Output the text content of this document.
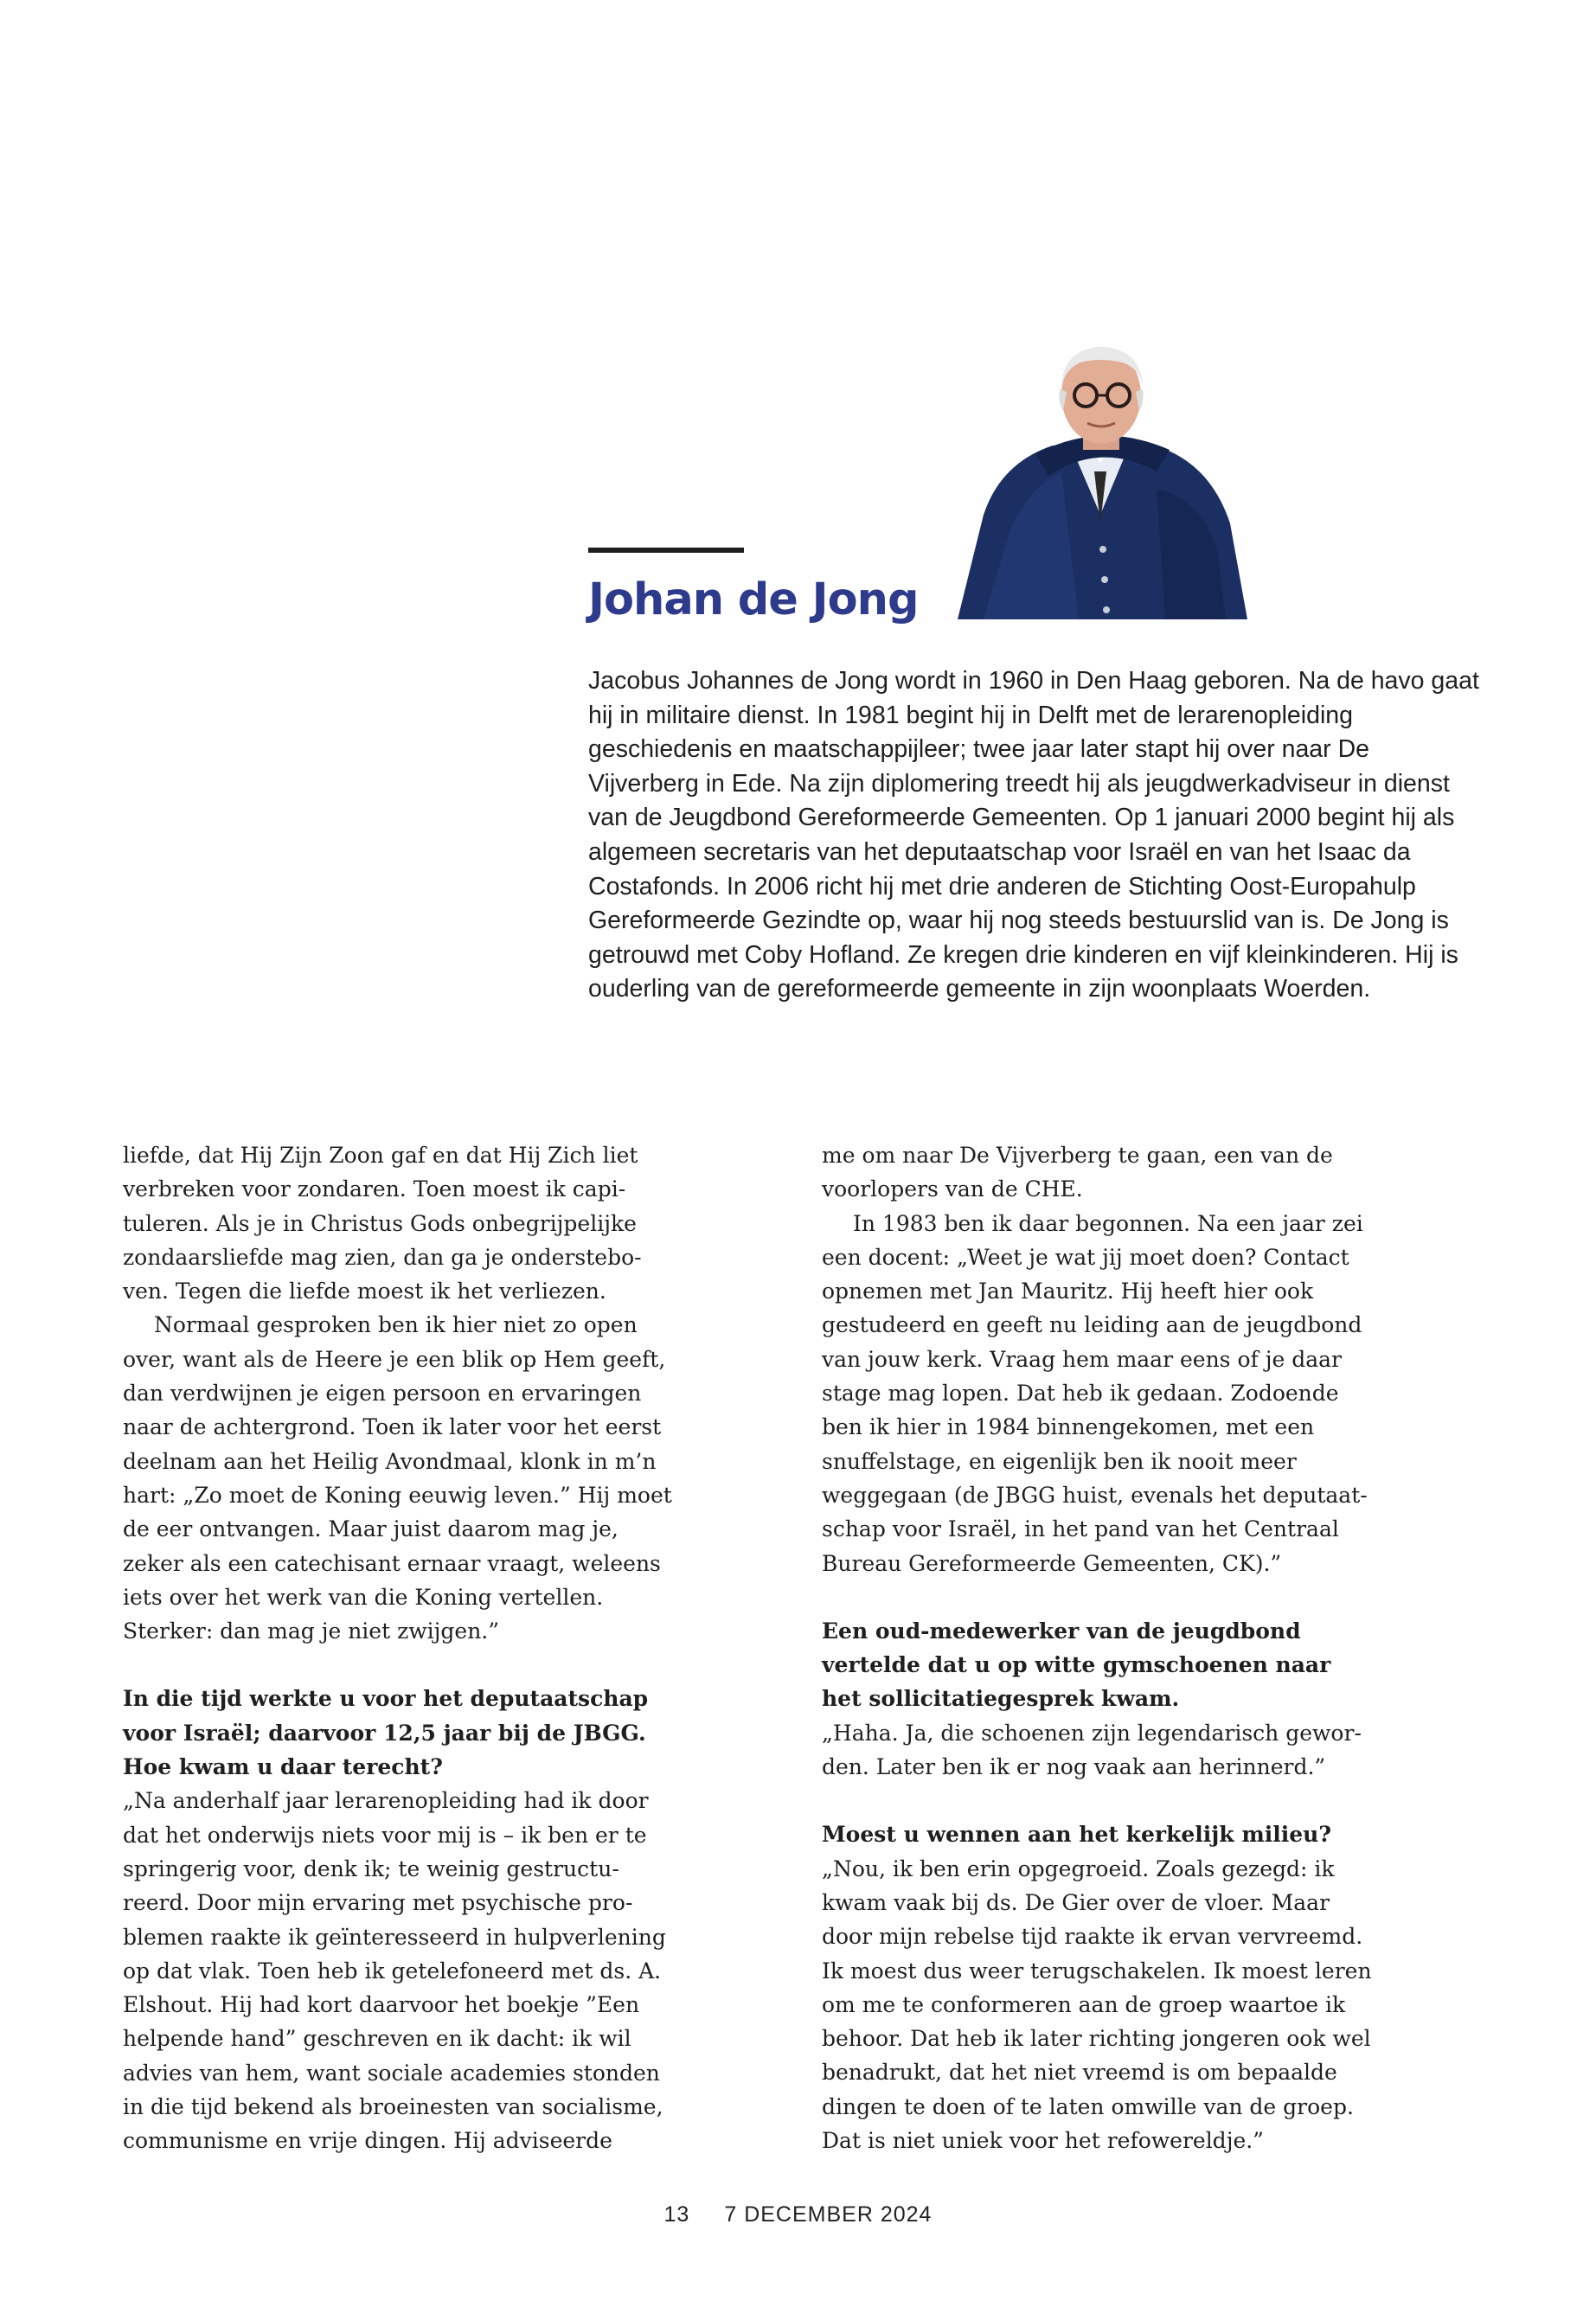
Johan de Jong

Jacobus Johannes de Jong wordt in 1960 in Den Haag geboren. Na de havo gaat hij in militaire dienst. In 1981 begint hij in Delft met de lerarenopleiding geschiedenis en maatschappijleer; twee jaar later stapt hij over naar De Vijverberg in Ede. Na zijn diplomering treedt hij als jeugdwerkadviseur in dienst van de Jeugdbond Gereformeerde Gemeenten. Op 1 januari 2000 begint hij als algemeen secretaris van het deputaatschap voor Israël en van het Isaac da Costafonds. In 2006 richt hij met drie anderen de Stichting Oost-Europahulp Gereformeerde Gezindte op, waar hij nog steeds bestuurslid van is. De Jong is getrouwd met Coby Hofland. Ze kregen drie kinderen en vijf kleinkinderen. Hij is ouderling van de gereformeerde gemeente in zijn woonplaats Woerden.

liefde, dat Hij Zijn Zoon gaf en dat Hij Zich liet verbreken voor zondaren. Toen moest ik capituleren. Als je in Christus Gods onbegrijpelijke zondaarsliefde mag zien, dan ga je ondersteboven. Tegen die liefde moest ik het verliezen.

Normaal gesproken ben ik hier niet zo open over, want als de Heere je een blik op Hem geeft, dan verdwijnen je eigen persoon en ervaringen naar de achtergrond. Toen ik later voor het eerst deelnam aan het Heilig Avondmaal, klonk in m’n hart: „Zo moet de Koning eeuwig leven.” Hij moet de eer ontvangen. Maar juist daarom mag je, zeker als een catechisant ernaar vraagt, weleens iets over het werk van die Koning vertellen. Sterker: dan mag je niet zwijgen.”

In die tijd werkte u voor het deputaatschap voor Israël; daarvoor 12,5 jaar bij de JBGG. Hoe kwam u daar terecht?

„Na anderhalf jaar lerarenopleiding had ik door dat het onderwijs niets voor mij is – ik ben er te springerig voor, denk ik; te weinig gestructureerd. Door mijn ervaring met psychische problemen raakte ik geïnteresseerd in hulpverlening op dat vlak. Toen heb ik getelefoneerd met ds. A. Elshout. Hij had kort daarvoor het boekje ”Een helpende hand” geschreven en ik dacht: ik wil advies van hem, want sociale academies stonden in die tijd bekend als broeinesten van socialisme, communisme en vrije dingen. Hij adviseerde

me om naar De Vijverberg te gaan, een van de voorlopers van de CHE.

In 1983 ben ik daar begonnen. Na een jaar zei een docent: „Weet je wat jij moet doen? Contact opnemen met Jan Mauritz. Hij heeft hier ook gestudeerd en geeft nu leiding aan de jeugdbond van jouw kerk. Vraag hem maar eens of je daar stage mag lopen. Dat heb ik gedaan. Zodoende ben ik hier in 1984 binnengekomen, met een snuffelstage, en eigenlijk ben ik nooit meer weggegaan (de JBGG huist, evenals het deputaatschap voor Israël, in het pand van het Centraal Bureau Gereformeerde Gemeenten, CK).”

Een oud-medewerker van de jeugdbond vertelde dat u op witte gymschoenen naar het sollicitatiegesprek kwam.

„Haha. Ja, die schoenen zijn legendarisch geworden. Later ben ik er nog vaak aan herinnerd.”

Moest u wennen aan het kerkelijk milieu?

„Nou, ik ben erin opgegroeid. Zoals gezegd: ik kwam vaak bij ds. De Gier over de vloer. Maar door mijn rebelse tijd raakte ik ervan vervreemd. Ik moest dus weer terugschakelen. Ik moest leren om me te conformeren aan de groep waartoe ik behoor. Dat heb ik later richting jongeren ook wel benadrukt, dat het niet vreemd is om bepaalde dingen te doen of te laten omwille van de groep. Dat is niet uniek voor het refowereldje.”

13 7 DECEMBER 2024
